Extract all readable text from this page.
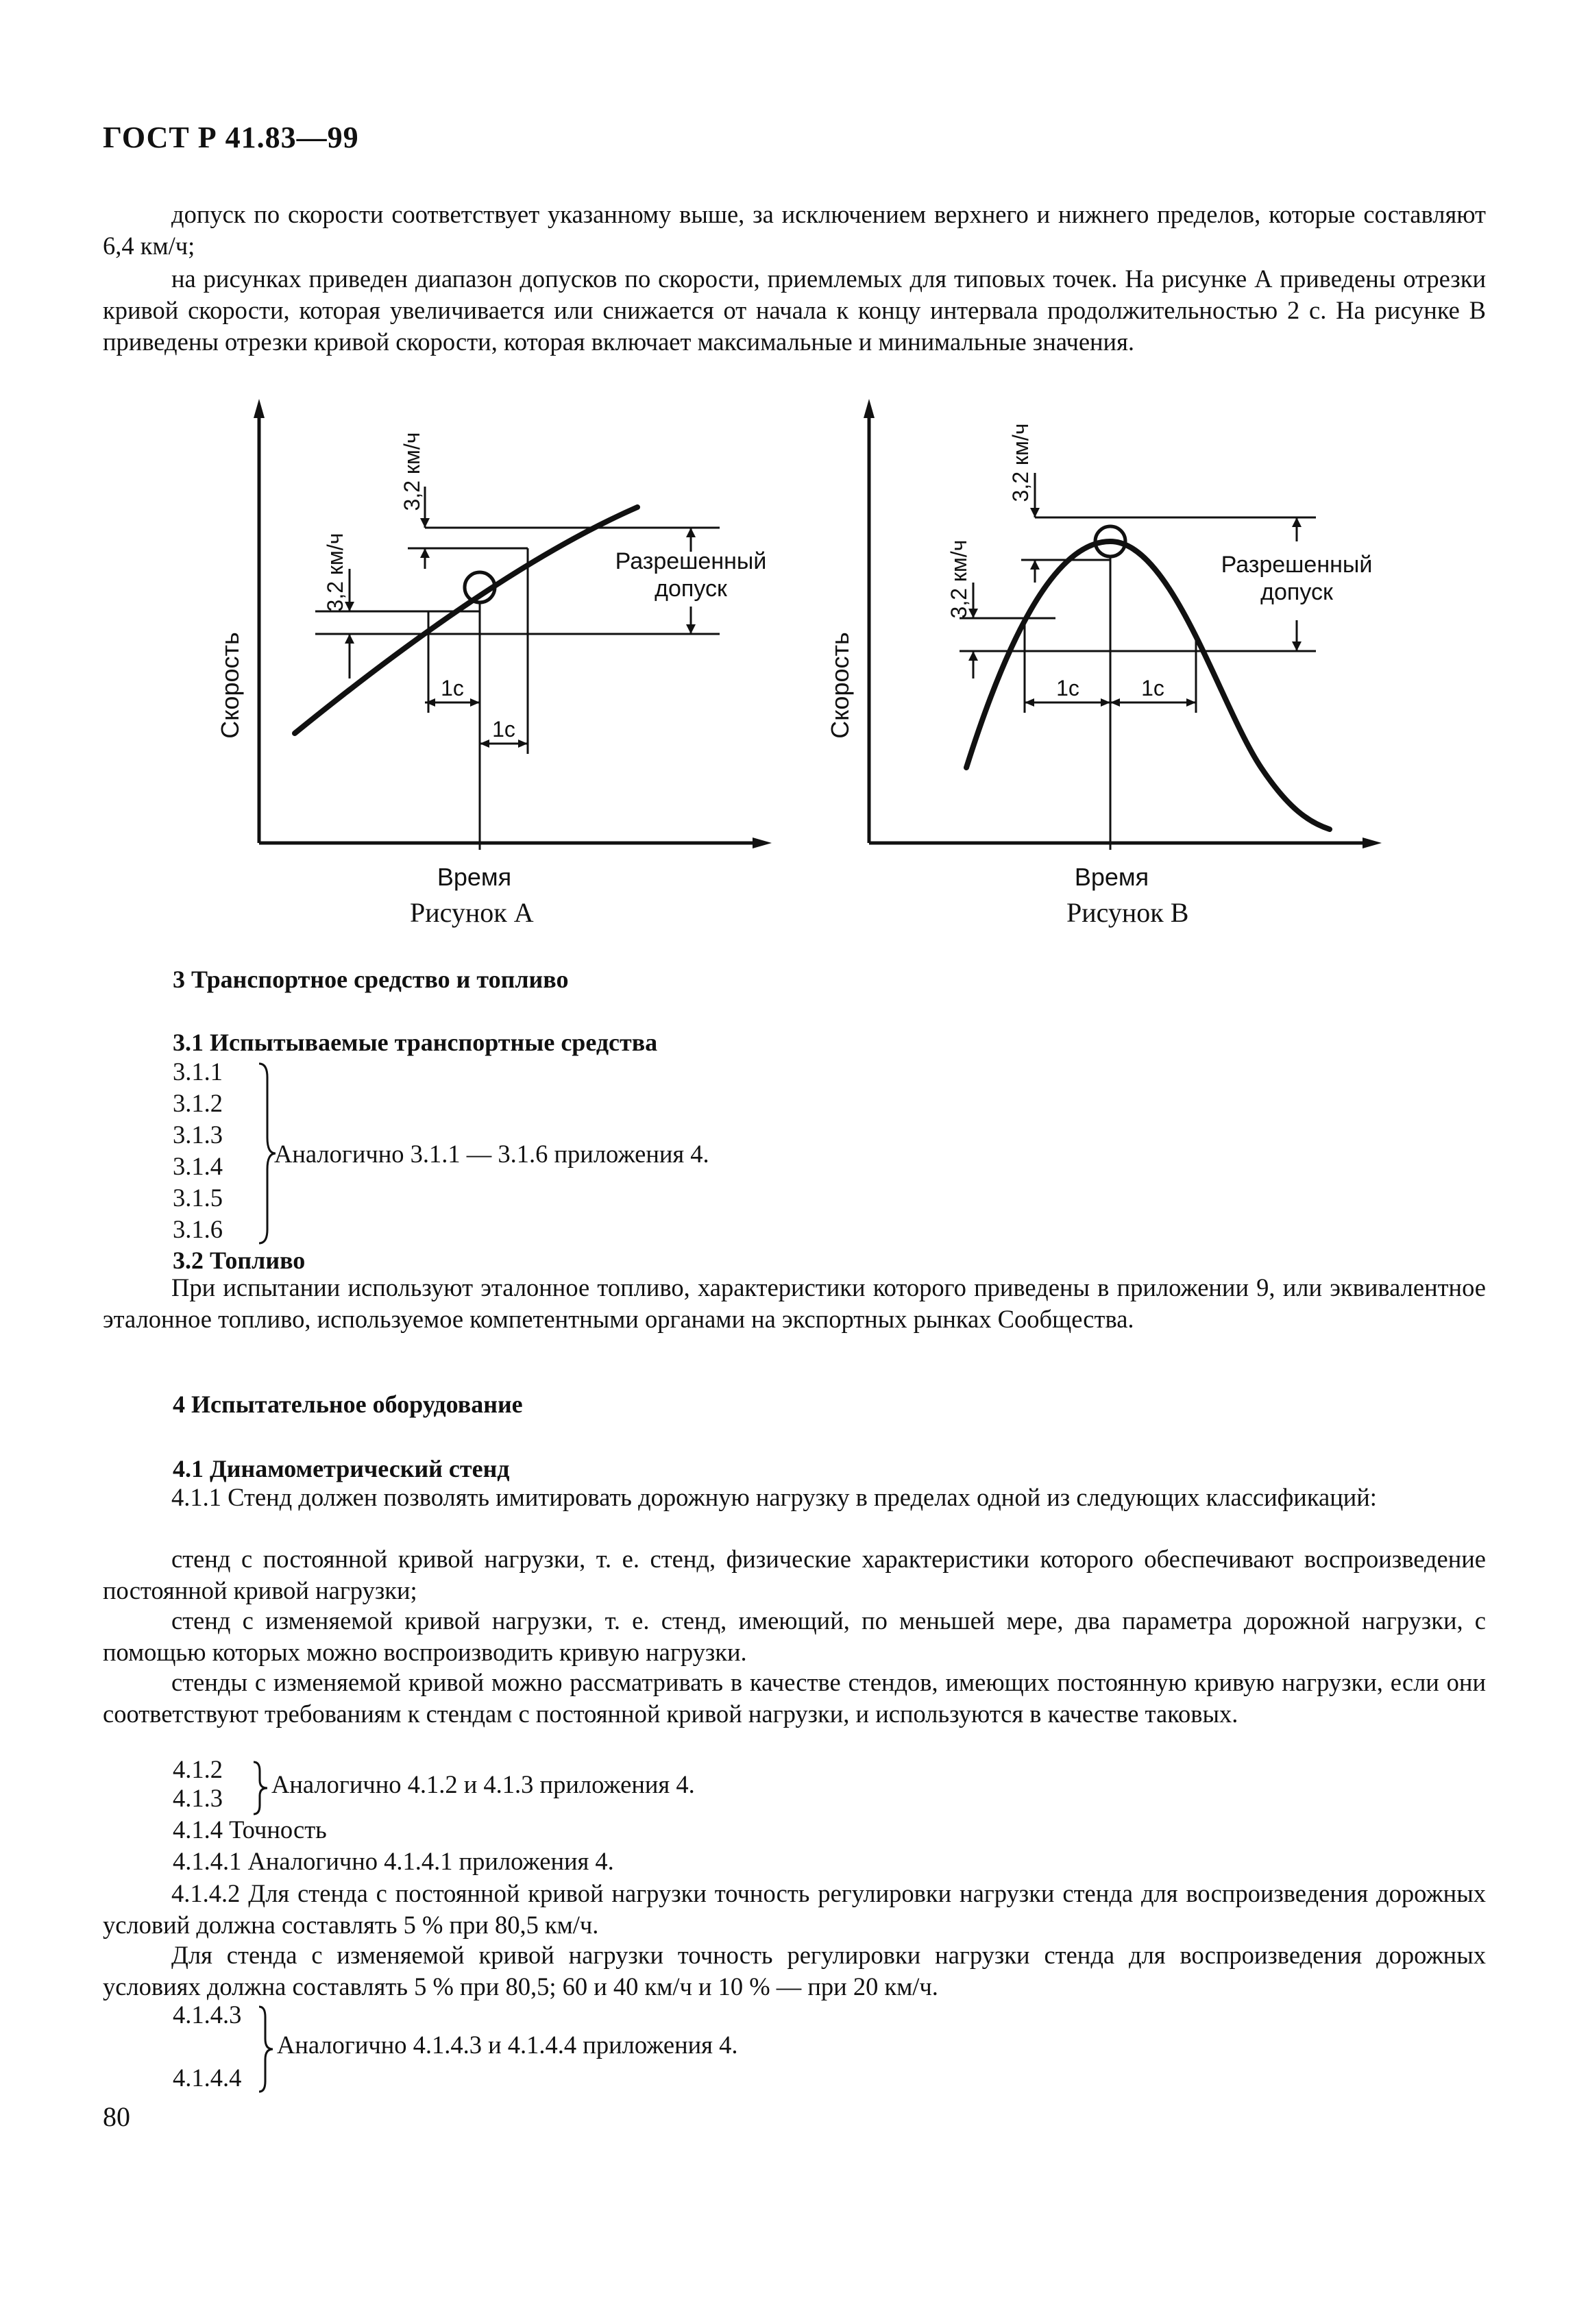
ГОСТ Р 41.83—99
допуск по скорости соответствует указанному выше, за исключением верхнего и нижнего пределов, которые составляют 6,4 км/ч;
на рисунках приведен диапазон допусков по скорости, приемлемых для типовых точек. На рисунке А приведены отрезки кривой скорости, которая увеличивается или снижается от начала к концу интервала продолжительностью 2 с. На рисунке В приведены отрезки кривой скорости, которая включает максимальные и минимальные значения.
Скорость
Время
3,2 км/ч
3,2 км/ч
Разрешенный
допуск
1с
1с
Рисунок А
Скорость
Время
3,2 км/ч
3,2 км/ч
Разрешенный
допуск
1с	1с
Рисунок В
3 Транспортное средство и топливо
3.1 Испытываемые транспортные средства
3.1.1
3.1.2
3.1.3
3.1.4
3.1.5
3.1.6
Аналогично 3.1.1 — 3.1.6 приложения 4.
3.2 Топливо
При испытании используют эталонное топливо, характеристики которого приведены в приложении 9, или эквивалентное эталонное топливо, используемое компетентными органами на экспортных рынках Сообщества.
4 Испытательное оборудование
4.1 Динамометрический стенд
4.1.1 Стенд должен позволять имитировать дорожную нагрузку в пределах одной из следующих классификаций:
стенд с постоянной кривой нагрузки, т. е. стенд, физические характеристики которого обеспечивают воспроизведение постоянной кривой нагрузки;
стенд с изменяемой кривой нагрузки, т. е. стенд, имеющий, по меньшей мере, два параметра дорожной нагрузки, с помощью которых можно воспроизводить кривую нагрузки.
стенды с изменяемой кривой можно рассматривать в качестве стендов, имеющих постоянную кривую нагрузки, если они соответствуют требованиям к стендам с постоянной кривой нагрузки, и используются в качестве таковых.
4.1.2
4.1.3 Аналогично 4.1.2 и 4.1.3 приложения 4.
4.1.4 Точность
4.1.4.1 Аналогично 4.1.4.1 приложения 4.
4.1.4.2 Для стенда с постоянной кривой нагрузки точность регулировки нагрузки стенда для воспроизведения дорожных условий должна составлять 5 % при 80,5 км/ч.
Для стенда с изменяемой кривой нагрузки точность регулировки нагрузки стенда для воспроизведения дорожных условиях должна составлять 5 % при 80,5; 60 и 40 км/ч и 10 % — при 20 км/ч.
4.1.4.3
4.1.4.4
Аналогично 4.1.4.3 и 4.1.4.4 приложения 4.
80
